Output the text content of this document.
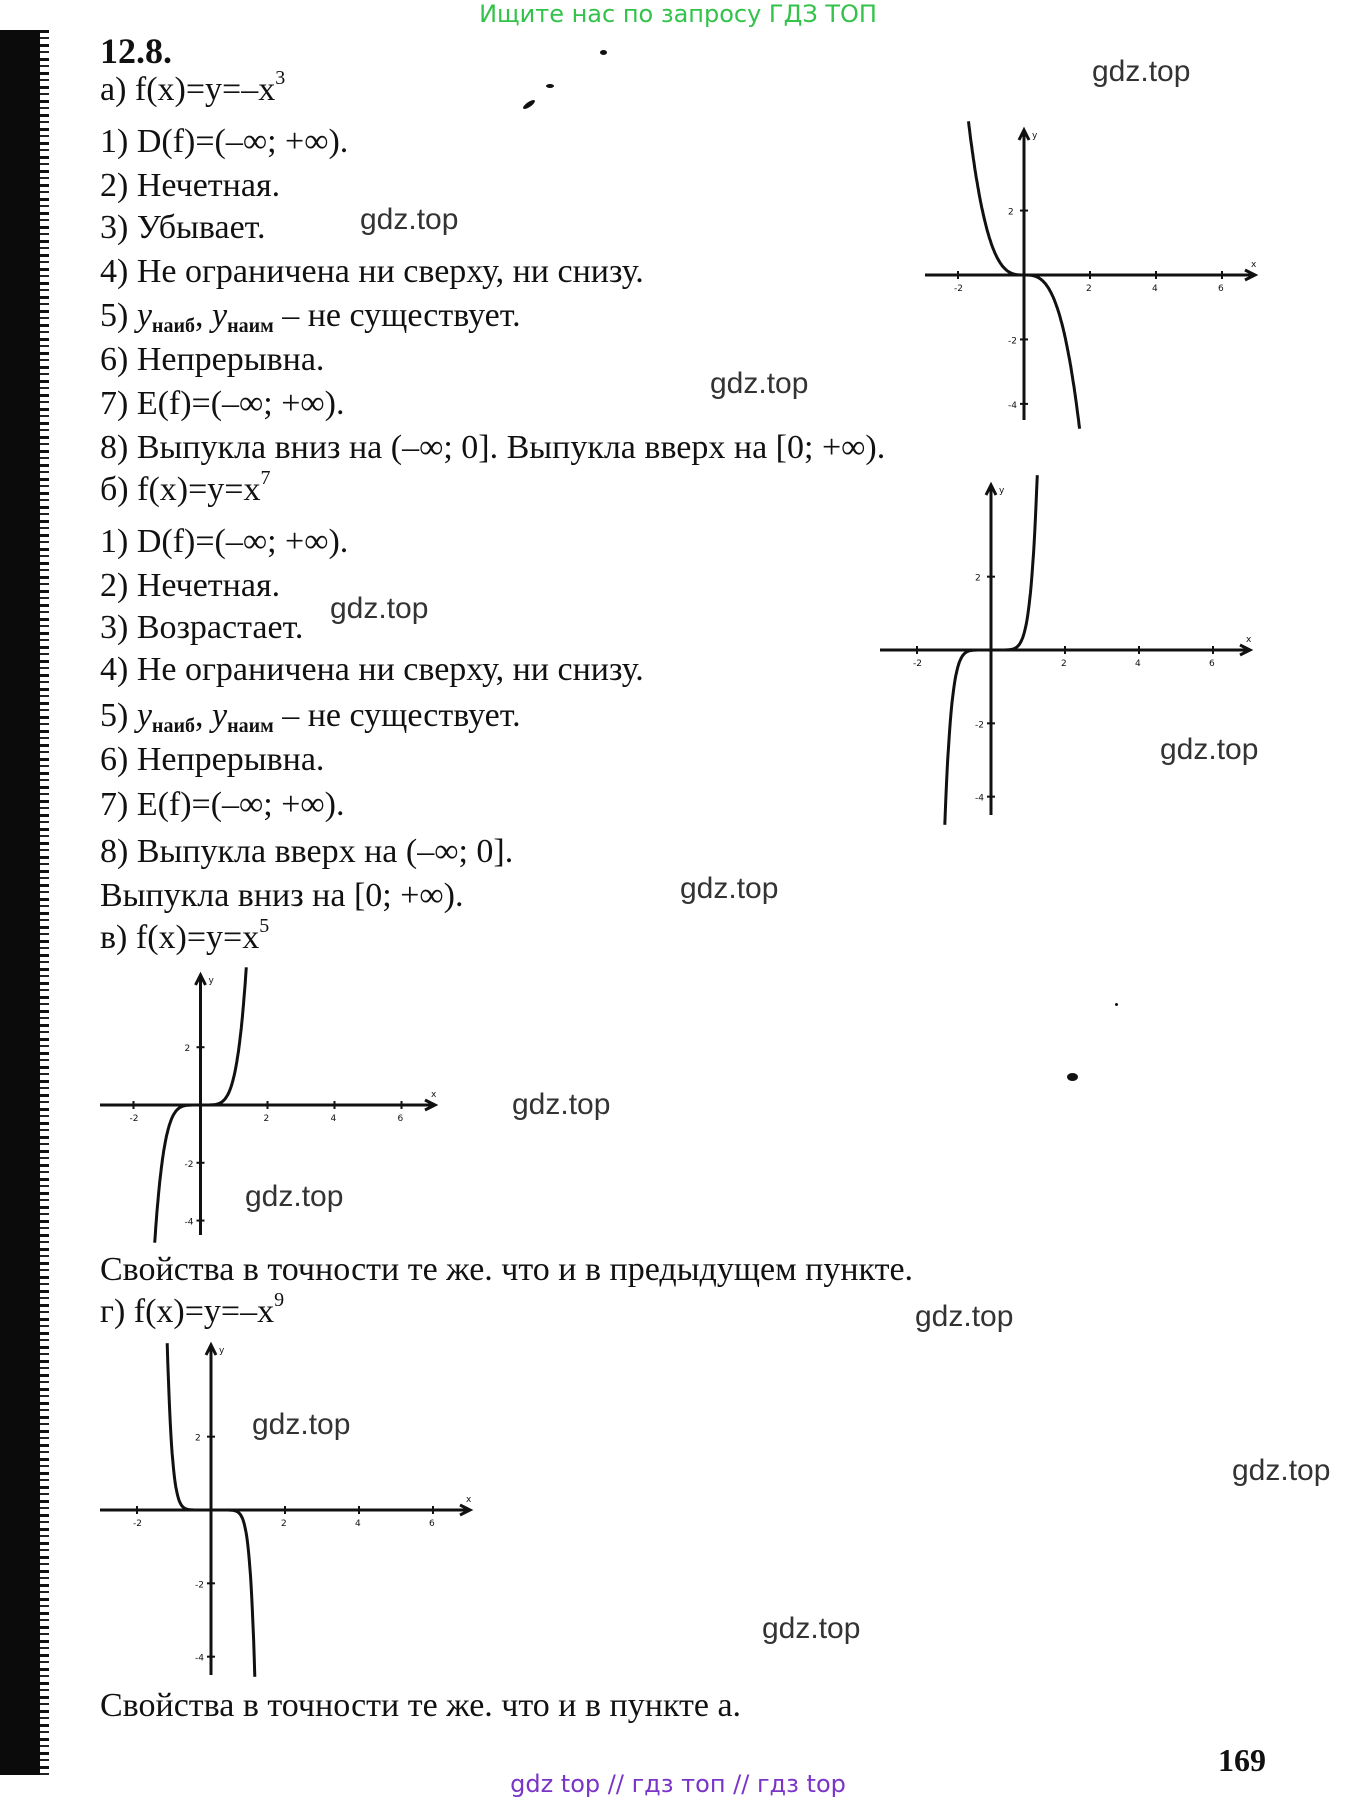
Ищите нас по запросу ГДЗ ТОП
12.8.
а) $f(x)=y=-x^3$
1) D(f)=(–∞; +∞).
2) Нечетная.
3) Убывает.
4) Не ограничена ни сверху, ни снизу.
5) $y_{наиб}$, $y_{наим}$ – не существует.
6) Непрерывна.
7) E(f)=(–∞; +∞).
8) Выпукла вниз на (–∞; 0]. Выпукла вверх на [0; +∞).
б) $f(x)=y=x^7$
1) D(f)=(–∞; +∞).
2) Нечетная.
3) Возрастает.
4) Не ограничена ни сверху, ни снизу.
5) $y_{наиб}$, $y_{наим}$ – не существует.
6) Непрерывна.
7) E(f)=(–∞; +∞).
8) Выпукла вверх на (–∞; 0].
Выпукла вниз на [0; +∞).
в) $f(x)=y=x^5$
Свойства в точности те же. что и в предыдущем пункте.
г) $f(x)=y=-x^9$
Свойства в точности те же. что и в пункте а.
x
y
-2	2	4	6
2
-2
-4
x
y
-2	2	4	6
2
-2
-4
x
y
-2	2	4	6
2
-2
-4
x
y
-2	2	4	6
2
-2
-4
gdz.top
gdz.top
gdz.top
gdz.top
gdz.top
gdz.top
gdz.top
gdz.top
gdz.top
gdz.top
gdz.top
gdz.top
169
gdz top // гдз топ // гдз top
